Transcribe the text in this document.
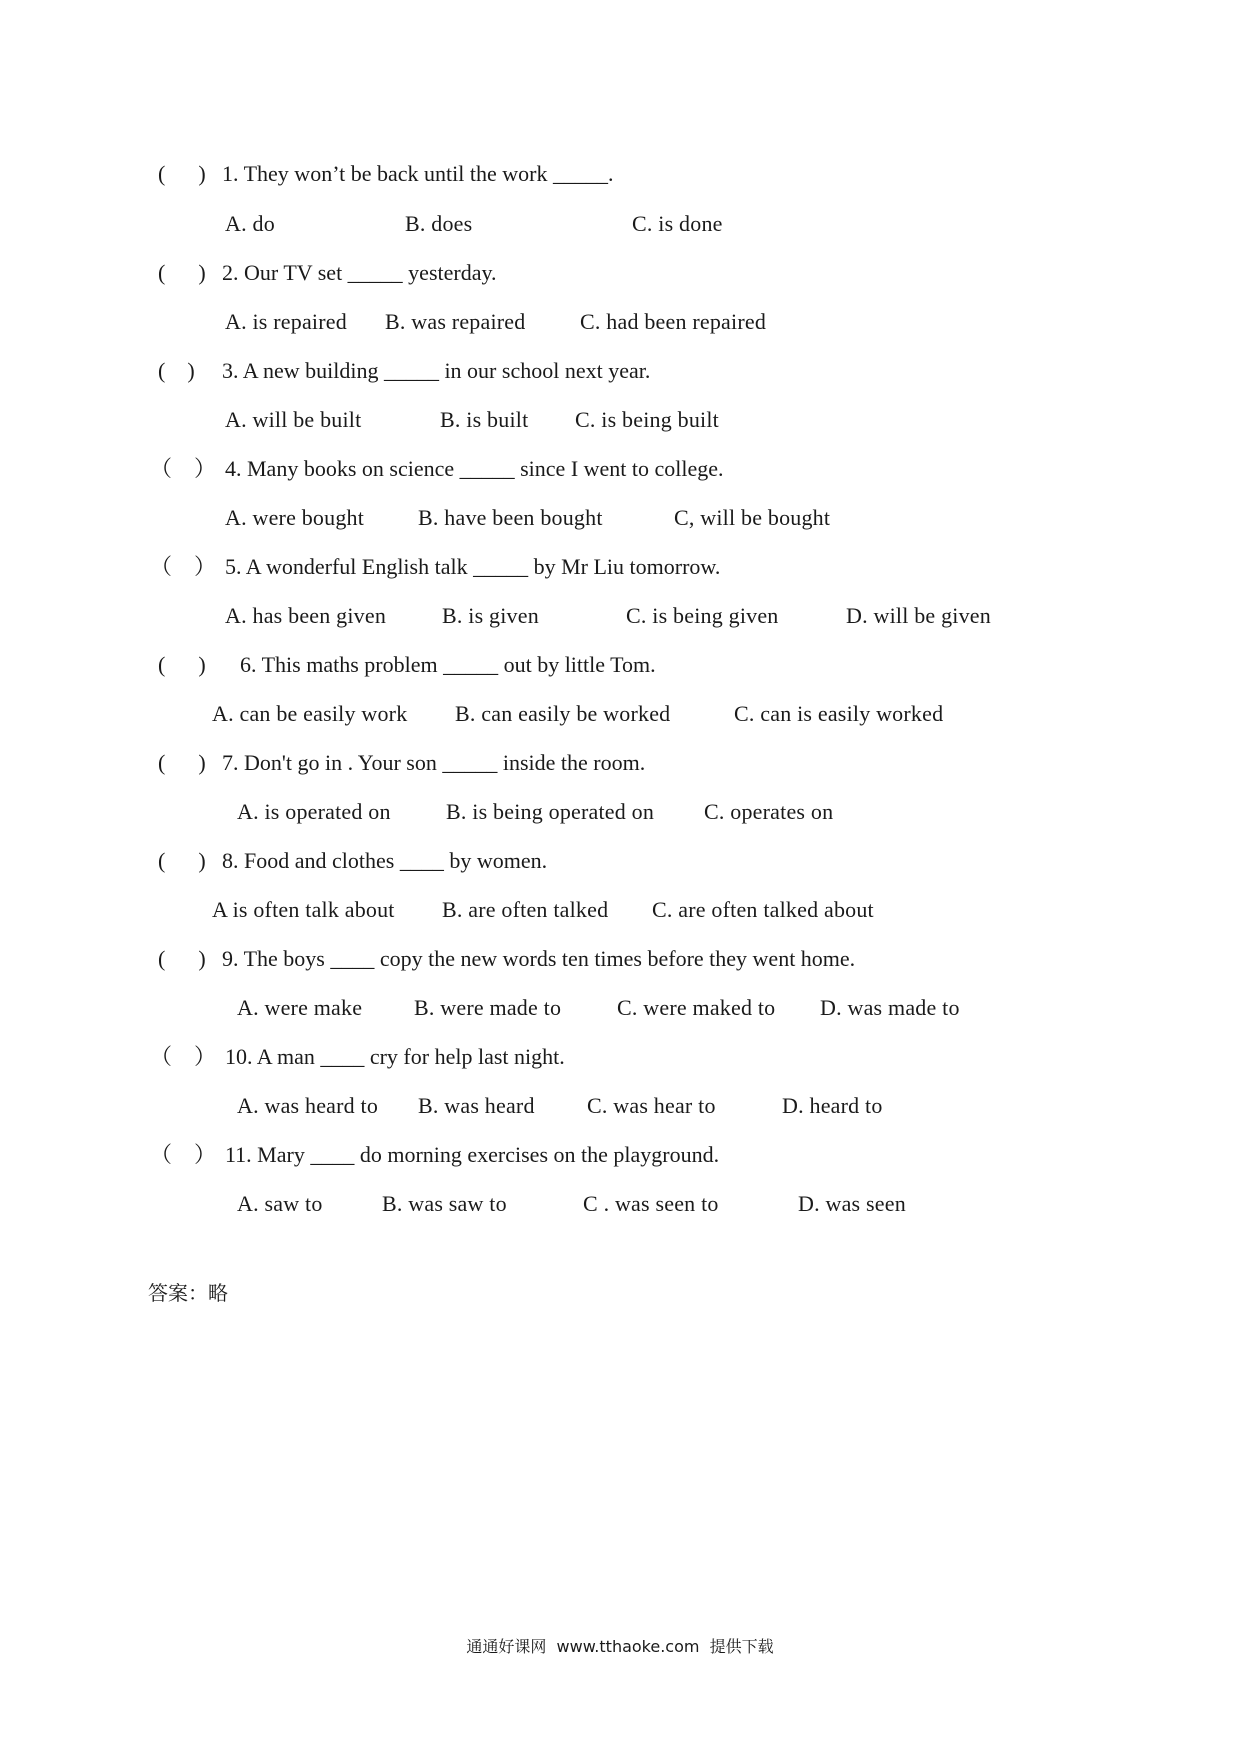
(      ) 1. They won’t be back until the work _____.
A. do	B. does	C. is done
(      ) 2. Our TV set _____ yesterday.
A. is repaired B. was repaired C. had been repaired
(    ) 3. A new building _____ in our school next year.
A. will be built	B. is built C. is being built
（    ） 4. Many books on science _____ since I went to college.
A. were bought B. have been bought	C, will be bought
（    ） 5. A wonderful English talk _____ by Mr Liu tomorrow.
A. has been given	B. is given	C. is being given	D. will be given
(      ) 6. This maths problem _____ out by little Tom.
A. can be easily work B. can easily be worked	C. can is easily worked
(      ) 7. Don't go in . Your son _____ inside the room.
A. is operated on	B. is being operated on C. operates on
(      ) 8. Food and clothes ____ by women.
A is often talk about B. are often talked C. are often talked about
(      ) 9. The boys ____ copy the new words ten times before they went home.
A. were make B. were made to	C. were maked to D. was made to
（    ） 10. A man ____ cry for help last night.
A. was heard to B. was heard C. was hear to	D. heard to
（    ） 11. Mary ____ do morning exercises on the playground.
A. saw to	B. was saw to	C . was seen to	D. was seen
答案：略
通通好课网  www.tthaoke.com  提供下载
